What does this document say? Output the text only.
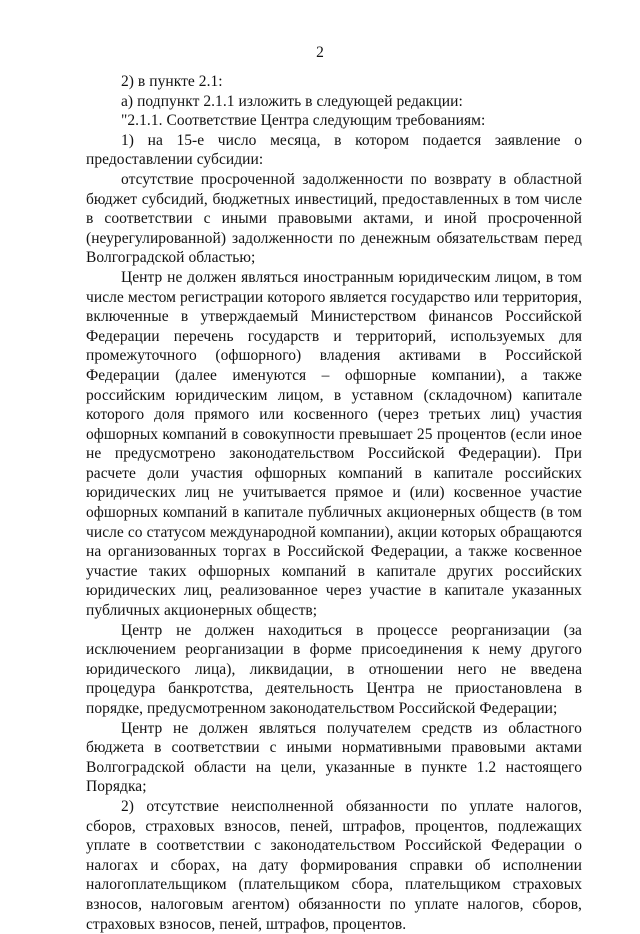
2

2) в пункте 2.1:

а) подпункт 2.1.1 изложить в следующей редакции:

"2.1.1. Соответствие Центра следующим требованиям:

1) на 15-е число месяца, в котором подается заявление о предоставлении субсидии:

отсутствие просроченной задолженности по возврату в областной бюджет субсидий, бюджетных инвестиций, предоставленных в том числе в соответствии с иными правовыми актами, и иной просроченной (неурегулированной) задолженности по денежным обязательствам перед Волгоградской областью;

Центр не должен являться иностранным юридическим лицом, в том числе местом регистрации которого является государство или территория, включенные в утверждаемый Министерством финансов Российской Федерации перечень государств и территорий, используемых для промежуточного (офшорного) владения активами в Российской Федерации (далее именуются – офшорные компании), а также российским юридическим лицом, в уставном (складочном) капитале которого доля прямого или косвенного (через третьих лиц) участия офшорных компаний в совокупности превышает 25 процентов (если иное не предусмотрено законодательством Российской Федерации). При расчете доли участия офшорных компаний в капитале российских юридических лиц не учитывается прямое и (или) косвенное участие офшорных компаний в капитале публичных акционерных обществ (в том числе со статусом международной компании), акции которых обращаются на организованных торгах в Российской Федерации, а также косвенное участие таких офшорных компаний в капитале других российских юридических лиц, реализованное через участие в капитале указанных публичных акционерных обществ;

Центр не должен находиться в процессе реорганизации (за исключением реорганизации в форме присоединения к нему другого юридического лица), ликвидации, в отношении него не введена процедура банкротства, деятельность Центра не приостановлена в порядке, предусмотренном законодательством Российской Федерации;

Центр не должен являться получателем средств из областного бюджета в соответствии с иными нормативными правовыми актами Волгоградской области на цели, указанные в пункте 1.2 настоящего Порядка;

2) отсутствие неисполненной обязанности по уплате налогов, сборов, страховых взносов, пеней, штрафов, процентов, подлежащих уплате в соответствии с законодательством Российской Федерации о налогах и сборах, на дату формирования справки об исполнении налогоплательщиком (плательщиком сбора, плательщиком страховых взносов, налоговым агентом) обязанности по уплате налогов, сборов, страховых взносов, пеней, штрафов, процентов.
